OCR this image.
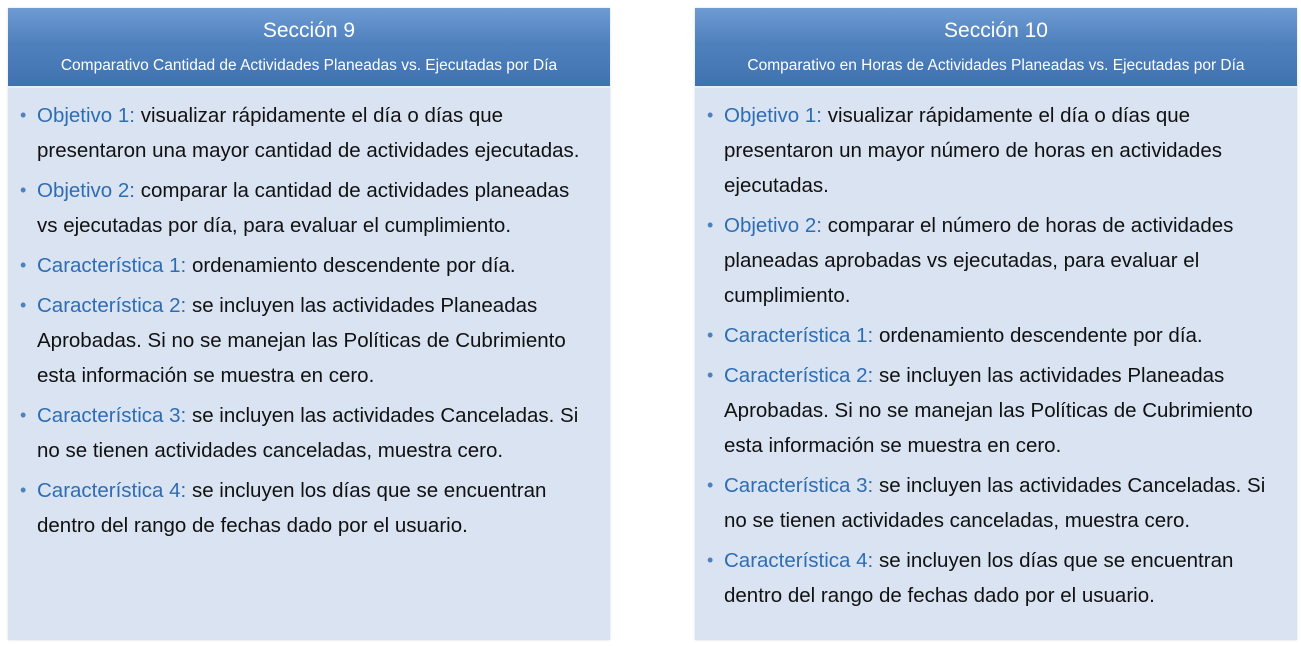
Sección 9
Comparativo Cantidad de Actividades Planeadas vs. Ejecutadas por Día
• Objetivo 1: visualizar rápidamente el día o días que presentaron una mayor cantidad de actividades ejecutadas.
• Objetivo 2: comparar la cantidad de actividades planeadas vs ejecutadas por día, para evaluar el cumplimiento.
• Característica 1: ordenamiento descendente por día.
• Característica 2: se incluyen las actividades Planeadas Aprobadas. Si no se manejan las Políticas de Cubrimiento esta información se muestra en cero.
• Característica 3: se incluyen las actividades Canceladas. Si no se tienen actividades canceladas, muestra cero.
• Característica 4: se incluyen los días que se encuentran dentro del rango de fechas dado por el usuario.
Sección 10
Comparativo en Horas de Actividades Planeadas vs. Ejecutadas por Día
• Objetivo 1: visualizar rápidamente el día o días que presentaron un mayor número de horas en actividades ejecutadas.
• Objetivo 2: comparar el número de horas de actividades planeadas aprobadas vs ejecutadas, para evaluar el cumplimiento.
• Característica 1: ordenamiento descendente por día.
• Característica 2: se incluyen las actividades Planeadas Aprobadas. Si no se manejan las Políticas de Cubrimiento esta información se muestra en cero.
• Característica 3: se incluyen las actividades Canceladas. Si no se tienen actividades canceladas, muestra cero.
• Característica 4: se incluyen los días que se encuentran dentro del rango de fechas dado por el usuario.
